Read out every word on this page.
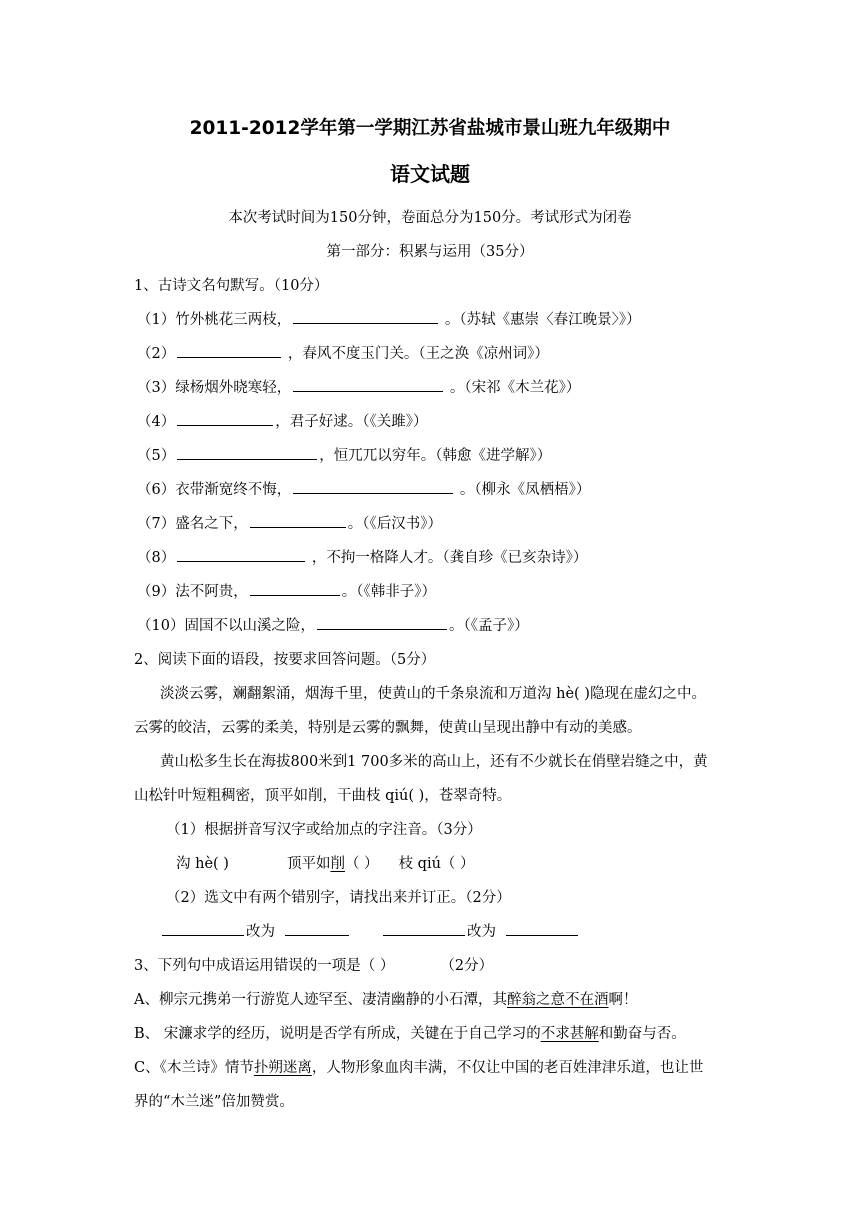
2011-2012学年第一学期江苏省盐城市景山班九年级期中
语文试题
本次考试时间为150分钟，卷面总分为150分。考试形式为闭卷
第一部分：积累与运用（35分）
1、古诗文名句默写。（10分）
（1）竹外桃花三两枝，	。（苏轼《惠崇〈春江晚景〉》）
（2）	，春风不度玉门关。（王之涣《凉州词》）
（3）绿杨烟外晓寒轻，	。（宋祁《木兰花》）
（4）	，君子好逑。（《关雎》）
（5）	，恒兀兀以穷年。（韩愈《进学解》）
（6）衣带渐宽终不悔，	。（柳永《凤栖梧》）
（7）盛名之下，	。（《后汉书》）
（8）	，不拘一格降人才。（龚自珍《已亥杂诗》）
（9）法不阿贵，	。（《韩非子》）
（10）固国不以山溪之险，	。（《孟子》）
2、阅读下面的语段，按要求回答问题。（5分）
淡淡云雾，斓翻絮涌，烟海千里，使黄山的千条泉流和万道沟 hè( )隐现在虚幻之中。
云雾的皎洁，云雾的柔美，特别是云雾的飘舞，使黄山呈现出静中有动的美感。
黄山松多生长在海拔800米到1 700多米的高山上，还有不少就长在俏壁岩缝之中，黄
山松针叶短粗稠密，顶平如削，干曲枝 qiú( )，苍翠奇特。
（1）根据拼音写汉字或给加点的字注音。（3分）
沟 hè( )	顶平如削（ ） 枝 qiú（ ）
（2）选文中有两个错别字，请找出来并订正。（2分）
改为	改为
3、下列句中成语运用错误的一项是（ ）	（2分）
A、柳宗元携弟一行游览人迹罕至、凄清幽静的小石潭，其醉翁之意不在酒啊！
B、 宋濂求学的经历，说明是否学有所成，关键在于自己学习的不求甚解和勤奋与否。
C、《木兰诗》情节扑朔迷离，人物形象血肉丰满，不仅让中国的老百姓津津乐道，也让世
界的“木兰迷”倍加赞赏。
